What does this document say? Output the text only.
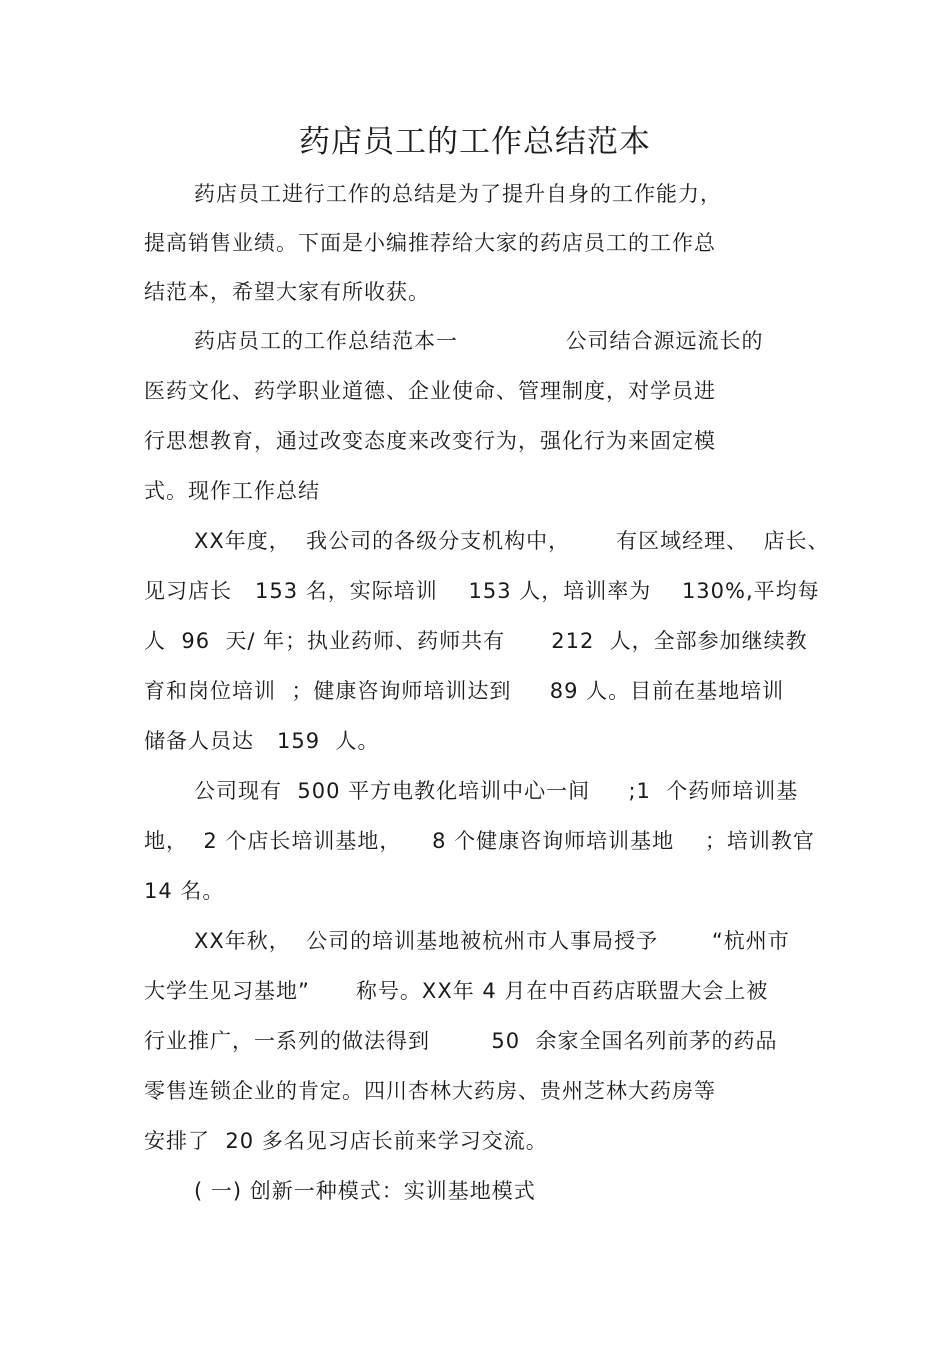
药店员工的工作总结范本
药店员工进行工作的总结是为了提升自身的工作能力，
提高销售业绩。下面是小编推荐给大家的药店员工的工作总
结范本，希望大家有所收获。
药店员工的工作总结范本一              公司结合源远流长的
医药文化、药学职业道德、企业使命、管理制度，对学员进
行思想教育，通过改变态度来改变行为，强化行为来固定模
式。现作工作总结
XX年度，  我公司的各级分支机构中，      有区域经理、  店长、
见习店长   153 名，实际培训    153 人，培训率为    130%,平均每
人  96  天/ 年；执业药师、药师共有      212  人，全部参加继续教
育和岗位培训  ；健康咨询师培训达到     89 人。目前在基地培训
储备人员达   159  人。
公司现有  500 平方电教化培训中心一间     ;1  个药师培训基
地，  2 个店长培训基地，    8 个健康咨询师培训基地    ；培训教官
14 名。
XX年秋，  公司的培训基地被杭州市人事局授予       “杭州市
大学生见习基地”      称号。XX年 4 月在中百药店联盟大会上被
行业推广，一系列的做法得到        50  余家全国名列前茅的药品
零售连锁企业的肯定。四川杏林大药房、贵州芝林大药房等
安排了  20 多名见习店长前来学习交流。
( 一) 创新一种模式：实训基地模式
